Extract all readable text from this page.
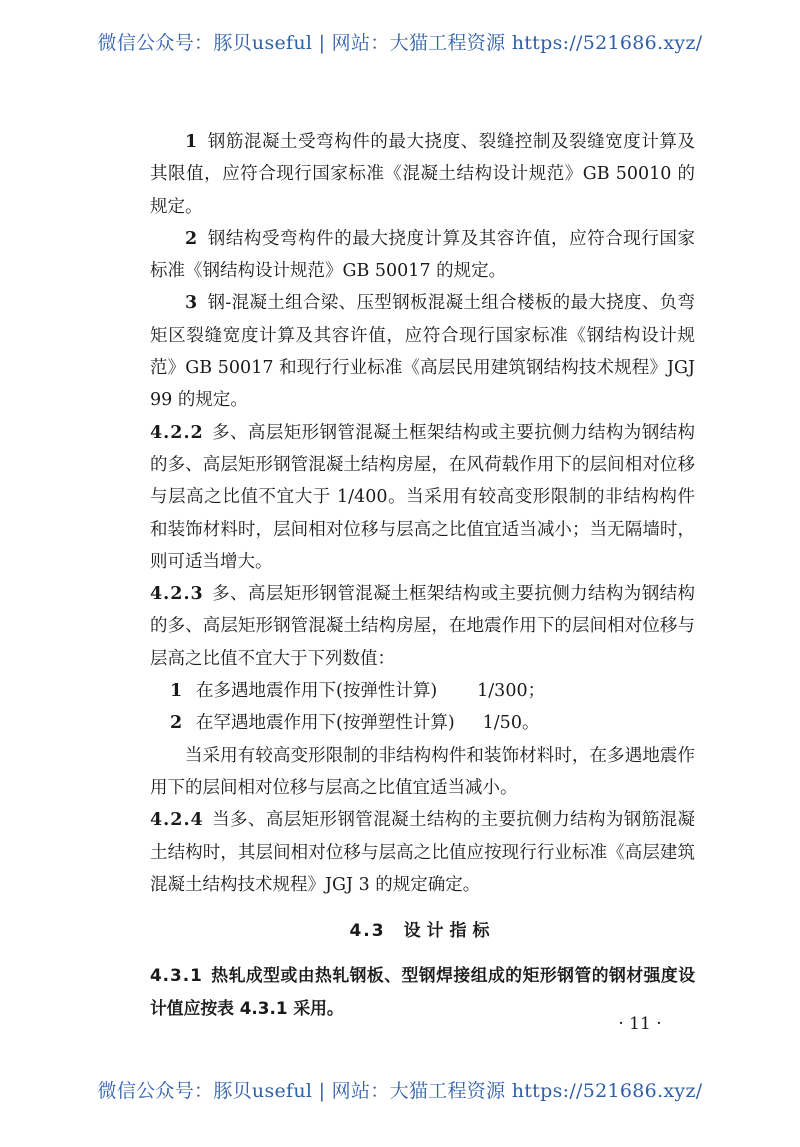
微信公众号：豚贝useful | 网站：大猫工程资源 https://521686.xyz/

1 钢筋混凝土受弯构件的最大挠度、裂缝控制及裂缝宽度计算及其限值，应符合现行国家标准《混凝土结构设计规范》GB 50010 的规定。

2 钢结构受弯构件的最大挠度计算及其容许值，应符合现行国家标准《钢结构设计规范》GB 50017 的规定。

3 钢-混凝土组合梁、压型钢板混凝土组合楼板的最大挠度、负弯矩区裂缝宽度计算及其容许值，应符合现行国家标准《钢结构设计规范》GB 50017 和现行行业标准《高层民用建筑钢结构技术规程》JGJ 99 的规定。

4.2.2 多、高层矩形钢管混凝土框架结构或主要抗侧力结构为钢结构的多、高层矩形钢管混凝土结构房屋，在风荷载作用下的层间相对位移与层高之比值不宜大于 1/400。当采用有较高变形限制的非结构构件和装饰材料时，层间相对位移与层高之比值宜适当减小；当无隔墙时，则可适当增大。

4.2.3 多、高层矩形钢管混凝土框架结构或主要抗侧力结构为钢结构的多、高层矩形钢管混凝土结构房屋，在地震作用下的层间相对位移与层高之比值不宜大于下列数值：

1 在多遇地震作用下(按弹性计算) 1/300；

2 在罕遇地震作用下(按弹塑性计算) 1/50。

当采用有较高变形限制的非结构构件和装饰材料时，在多遇地震作用下的层间相对位移与层高之比值宜适当减小。

4.2.4 当多、高层矩形钢管混凝土结构的主要抗侧力结构为钢筋混凝土结构时，其层间相对位移与层高之比值应按现行行业标准《高层建筑混凝土结构技术规程》JGJ 3 的规定确定。

4.3 设计指标

4.3.1 热轧成型或由热轧钢板、型钢焊接组成的矩形钢管的钢材强度设计值应按表 4.3.1 采用。

· 11 ·
微信公众号：豚贝useful | 网站：大猫工程资源 https://521686.xyz/
